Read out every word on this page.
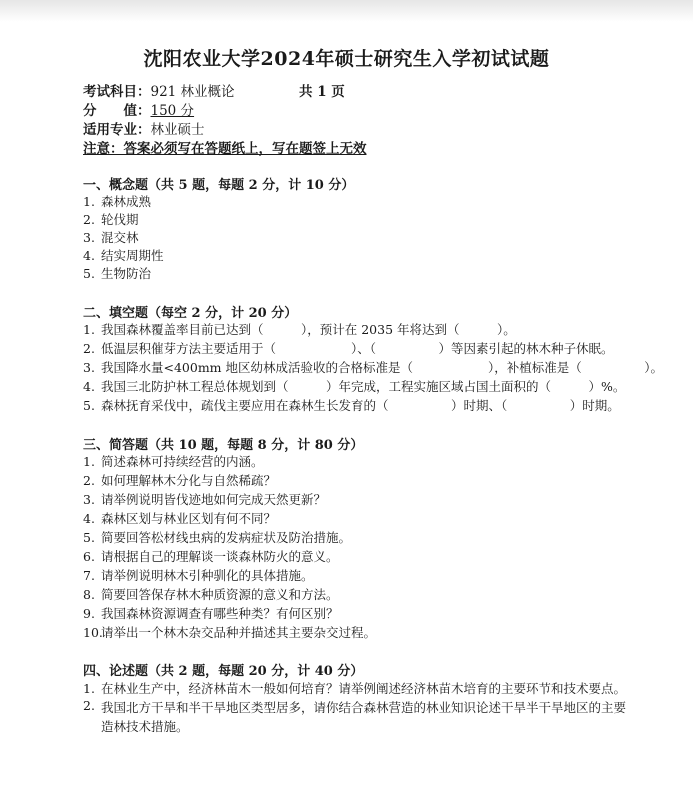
沈阳农业大学2024年硕士研究生入学初试试题
考试科目：921 林业概论	共 1 页
分　　值：150 分
适用专业：林业硕士
注意：答案必须写在答题纸上，写在题签上无效
一、概念题（共 5 题，每题 2 分，计 10 分）
1. 森林成熟
2. 轮伐期
3. 混交林
4. 结实周期性
5. 生物防治
二、填空题（每空 2 分，计 20 分）
1. 我国森林覆盖率目前已达到（　　　），预计在 2035 年将达到（　　　）。
2. 低温层积催芽方法主要适用于（　　　　　　）、（　　　　　）等因素引起的林木种子休眠。
3. 我国降水量<400mm 地区幼林成活验收的合格标准是（　　　　　　），补植标准是（　　　　　）。
4. 我国三北防护林工程总体规划到（　　　）年完成，工程实施区域占国土面积的（　　　）%。
5. 森林抚育采伐中，疏伐主要应用在森林生长发育的（　　　　　）时期、（　　　　　）时期。
三、简答题（共 10 题，每题 8 分，计 80 分）
1. 简述森林可持续经营的内涵。
2. 如何理解林木分化与自然稀疏？
3. 请举例说明皆伐迹地如何完成天然更新？
4. 森林区划与林业区划有何不同？
5. 简要回答松材线虫病的发病症状及防治措施。
6. 请根据自己的理解谈一谈森林防火的意义。
7. 请举例说明林木引种驯化的具体措施。
8. 简要回答保存林木种质资源的意义和方法。
9. 我国森林资源调查有哪些种类？有何区别？
10.请举出一个林木杂交品种并描述其主要杂交过程。
四、论述题（共 2 题，每题 20 分，计 40 分）
1. 在林业生产中，经济林苗木一般如何培育？请举例阐述经济林苗木培育的主要环节和技术要点。
2. 我国北方干旱和半干旱地区类型居多，请你结合森林营造的林业知识论述干旱半干旱地区的主要造林技术措施。
